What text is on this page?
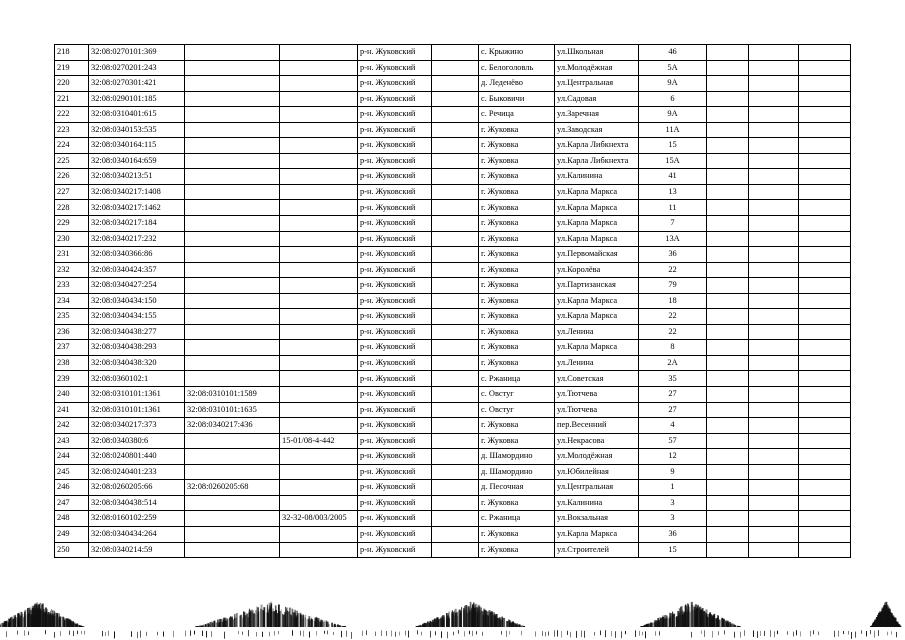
218	32:08:0270101:369			р-н. Жуковский		с. Крыжино	ул.Школьная	46			
219	32:08:0270201:243			р-н. Жуковский		с. Белоголовль	ул.Молодёжная	5А			
220	32:08:0270301:421			р-н. Жуковский		д. Леденёво	ул.Центральная	9А			
221	32:08:0290101:185			р-н. Жуковский		с. Быковичи	ул.Садовая	6			
222	32:08:0310401:615			р-н. Жуковский		с. Речица	ул.Заречная	9А			
223	32:08:0340153:535			р-н. Жуковский		г. Жуковка	ул.Заводская	11А			
224	32:08:0340164:115			р-н. Жуковский		г. Жуковка	ул.Карла Либкнехта	15			
225	32:08:0340164:659			р-н. Жуковский		г. Жуковка	ул.Карла Либкнехта	15А			
226	32:08:0340213:51			р-н. Жуковский		г. Жуковка	ул.Калинина	41			
227	32:08:0340217:1408			р-н. Жуковский		г. Жуковка	ул.Карла Маркса	13			
228	32:08:0340217:1462			р-н. Жуковский		г. Жуковка	ул.Карла Маркса	11			
229	32:08:0340217:184			р-н. Жуковский		г. Жуковка	ул.Карла Маркса	7			
230	32:08:0340217:232			р-н. Жуковский		г. Жуковка	ул.Карла Маркса	13А			
231	32:08:0340366:86			р-н. Жуковский		г. Жуковка	ул.Первомайская	36			
232	32:08:0340424:357			р-н. Жуковский		г. Жуковка	ул.Королёва	22			
233	32:08:0340427:254			р-н. Жуковский		г. Жуковка	ул.Партизанская	79			
234	32:08:0340434:150			р-н. Жуковский		г. Жуковка	ул.Карла Маркса	18			
235	32:08:0340434:155			р-н. Жуковский		г. Жуковка	ул.Карла Маркса	22			
236	32:08:0340438:277			р-н. Жуковский		г. Жуковка	ул.Ленина	22			
237	32:08:0340438:293			р-н. Жуковский		г. Жуковка	ул.Карла Маркса	8			
238	32:08:0340438:320			р-н. Жуковский		г. Жуковка	ул.Ленина	2А			
239	32:08:0360102:1			р-н. Жуковский		с. Ржаница	ул.Советская	35			
240	32:08:0310101:1361	32:08:0310101:1589		р-н. Жуковский		с. Овстуг	ул.Тютчева	27			
241	32:08:0310101:1361	32:08:0310101:1635		р-н. Жуковский		с. Овстуг	ул.Тютчева	27			
242	32:08:0340217:373	32:08:0340217:436		р-н. Жуковский		г. Жуковка	пер.Весенний	4			
243	32:08:0340380:6		15-01/08-4-442	р-н. Жуковский		г. Жуковка	ул.Некрасова	57			
244	32:08:0240801:440			р-н. Жуковский		д. Шамордино	ул.Молодёжная	12			
245	32:08:0240401:233			р-н. Жуковский		д. Шамордино	ул.Юбилейная	9			
246	32:08:0260205:66	32:08:0260205:68		р-н. Жуковский		д. Песочная	ул.Центральная	1			
247	32:08:0340438:514			р-н. Жуковский		г. Жуковка	ул.Калинина	3			
248	32:08:0160102:259		32-32-08/003/2005	р-н. Жуковский		с. Ржаница	ул.Вокзальная	3			
249	32:08:0340434:264			р-н. Жуковский		г. Жуковка	ул.Карла Маркса	36			
250	32:08:0340214:59			р-н. Жуковский		г. Жуковка	ул.Строителей	15			
